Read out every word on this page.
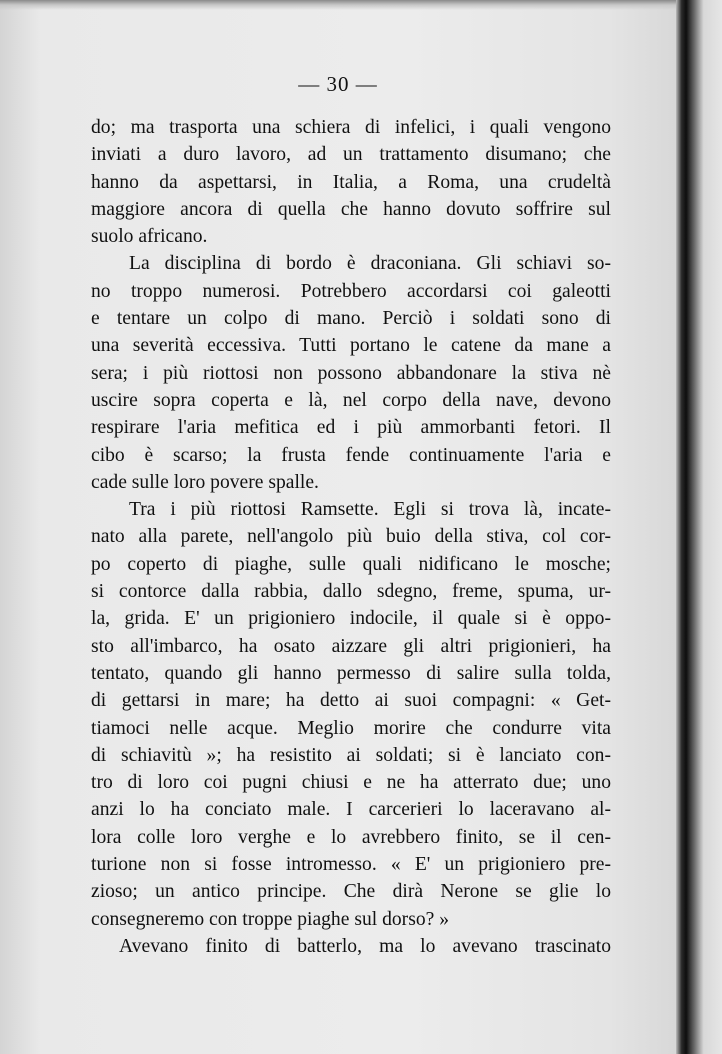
— 30 —
do; ma trasporta una schiera di infelici, i quali vengono
inviati a duro lavoro, ad un trattamento disumano; che
hanno da aspettarsi, in Italia, a Roma, una crudeltà
maggiore ancora di quella che hanno dovuto soffrire sul
suolo africano.
La disciplina di bordo è draconiana. Gli schiavi so-
no troppo numerosi. Potrebbero accordarsi coi galeotti
e tentare un colpo di mano. Perciò i soldati sono di
una severità eccessiva. Tutti portano le catene da mane a
sera; i più riottosi non possono abbandonare la stiva nè
uscire sopra coperta e là, nel corpo della nave, devono
respirare l'aria mefitica ed i più ammorbanti fetori. Il
cibo è scarso; la frusta fende continuamente l'aria e
cade sulle loro povere spalle.
Tra i più riottosi Ramsette. Egli si trova là, incate-
nato alla parete, nell'angolo più buio della stiva, col cor-
po coperto di piaghe, sulle quali nidificano le mosche;
si contorce dalla rabbia, dallo sdegno, freme, spuma, ur-
la, grida. E' un prigioniero indocile, il quale si è oppo-
sto all'imbarco, ha osato aizzare gli altri prigionieri, ha
tentato, quando gli hanno permesso di salire sulla tolda,
di gettarsi in mare; ha detto ai suoi compagni: « Get-
tiamoci nelle acque. Meglio morire che condurre vita
di schiavitù »; ha resistito ai soldati; si è lanciato con-
tro di loro coi pugni chiusi e ne ha atterrato due; uno
anzi lo ha conciato male. I carcerieri lo laceravano al-
lora colle loro verghe e lo avrebbero finito, se il cen-
turione non si fosse intromesso. « E' un prigioniero pre-
zioso; un antico principe. Che dirà Nerone se glie lo
consegneremo con troppe piaghe sul dorso? »
Avevano finito di batterlo, ma lo avevano trascinato
